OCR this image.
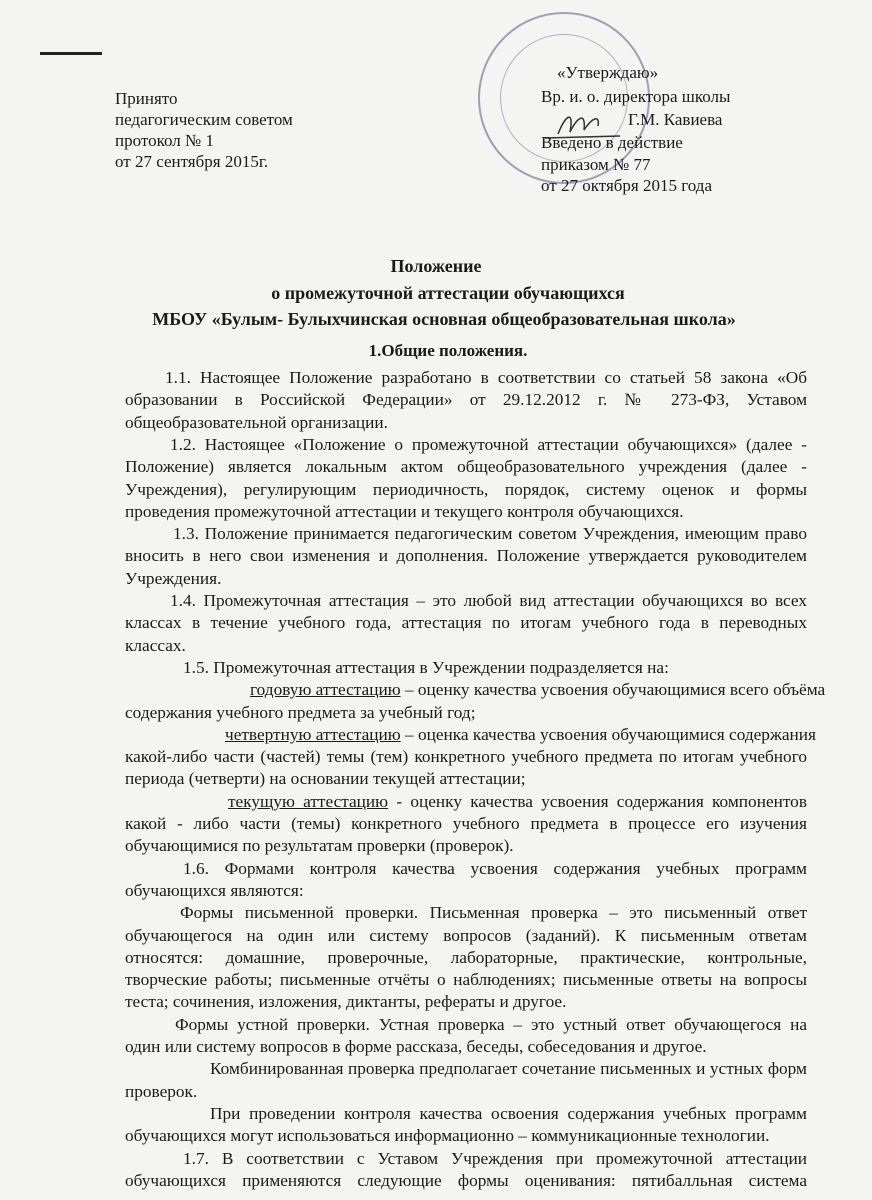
Принято
педагогическим советом
протокол № 1
от 27 сентября 2015г.
«Утверждаю»
Вр. и. о. директора школы
Г.М. Кавиева
Введено в действие
приказом № 77
от 27 октября 2015 года
Положение
о промежуточной аттестации обучающихся
МБОУ «Булым- Булыхчинская основная общеобразовательная школа»
1.Общие положения.
1.1. Настоящее Положение разработано в соответствии со статьей 58 закона «Об
образовании в Российской Федерации» от 29.12.2012 г. № 273-ФЗ, Уставом
общеобразовательной организации.
1.2. Настоящее «Положение о промежуточной аттестации обучающихся» (далее -
Положение) является локальным актом общеобразовательного учреждения (далее -
Учреждения), регулирующим периодичность, порядок, систему оценок и формы
проведения промежуточной аттестации и текущего контроля обучающихся.
1.3. Положение принимается педагогическим советом Учреждения, имеющим право
вносить в него свои изменения и дополнения. Положение утверждается руководителем
Учреждения.
1.4. Промежуточная аттестация – это любой вид аттестации обучающихся во всех
классах в течение учебного года, аттестация по итогам учебного года в переводных
классах.
1.5. Промежуточная аттестация в Учреждении подразделяется на:
годовую аттестацию – оценку качества усвоения обучающимися всего объёма
содержания учебного предмета за учебный год;
четвертную аттестацию – оценка качества усвоения обучающимися содержания
какой-либо части (частей) темы (тем) конкретного учебного предмета по итогам учебного
периода (четверти) на основании текущей аттестации;
текущую аттестацию - оценку качества усвоения содержания компонентов
какой - либо части (темы) конкретного учебного предмета в процессе его изучения
обучающимися по результатам проверки (проверок).
1.6. Формами контроля качества усвоения содержания учебных программ
обучающихся являются:
Формы письменной проверки. Письменная проверка – это письменный ответ
обучающегося на один или систему вопросов (заданий). К письменным ответам
относятся: домашние, проверочные, лабораторные, практические, контрольные,
творческие работы; письменные отчёты о наблюдениях; письменные ответы на вопросы
теста; сочинения, изложения, диктанты, рефераты и другое.
Формы устной проверки. Устная проверка – это устный ответ обучающегося на
один или систему вопросов в форме рассказа, беседы, собеседования и другое.
Комбинированная проверка предполагает сочетание письменных и устных форм
проверок.
При проведении контроля качества освоения содержания учебных программ
обучающихся могут использоваться информационно – коммуникационные технологии.
1.7. В соответствии с Уставом Учреждения при промежуточной аттестации
обучающихся применяются следующие формы оценивания: пятибалльная система
